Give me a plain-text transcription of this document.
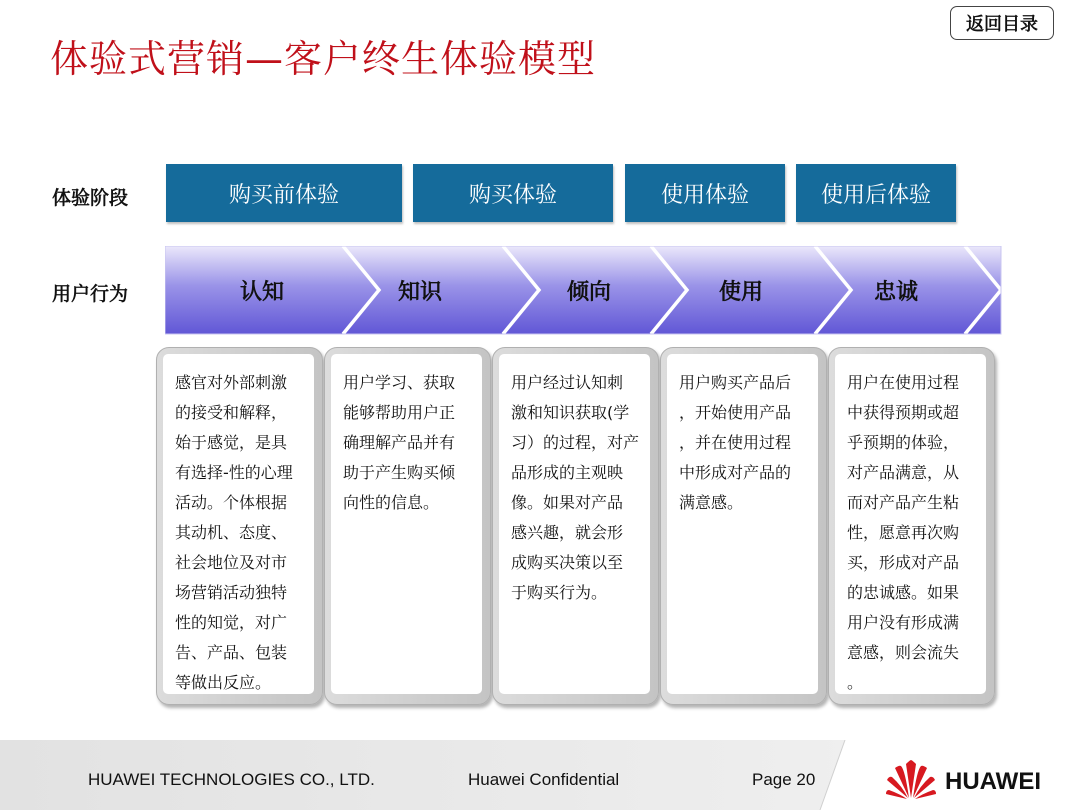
体验式营销—客户终生体验模型
返回目录
体验阶段
用户行为
购买前体验	购买体验	使用体验	使用后体验
认知	知识	倾向	使用	忠诚
感官对外部刺激
的接受和解释，
始于感觉，是具
有选择-性的心理
活动。个体根据
其动机、态度、
社会地位及对市
场营销活动独特
性的知觉，对广
告、产品、包装
等做出反应。
用户学习、获取
能够帮助用户正
确理解产品并有
助于产生购买倾
向性的信息。
用户经过认知刺
激和知识获取(学
习）的过程，对产
品形成的主观映
像。如果对产品
感兴趣，就会形
成购买决策以至
于购买行为。
用户购买产品后
，开始使用产品
，并在使用过程
中形成对产品的
满意感。
用户在使用过程
中获得预期或超
乎预期的体验，
对产品满意，从
而对产品产生粘
性，愿意再次购
买，形成对产品
的忠诚感。如果
用户没有形成满
意感，则会流失
。
HUAWEI TECHNOLOGIES CO., LTD.	Huawei Confidential	Page 20	HUAWEI
